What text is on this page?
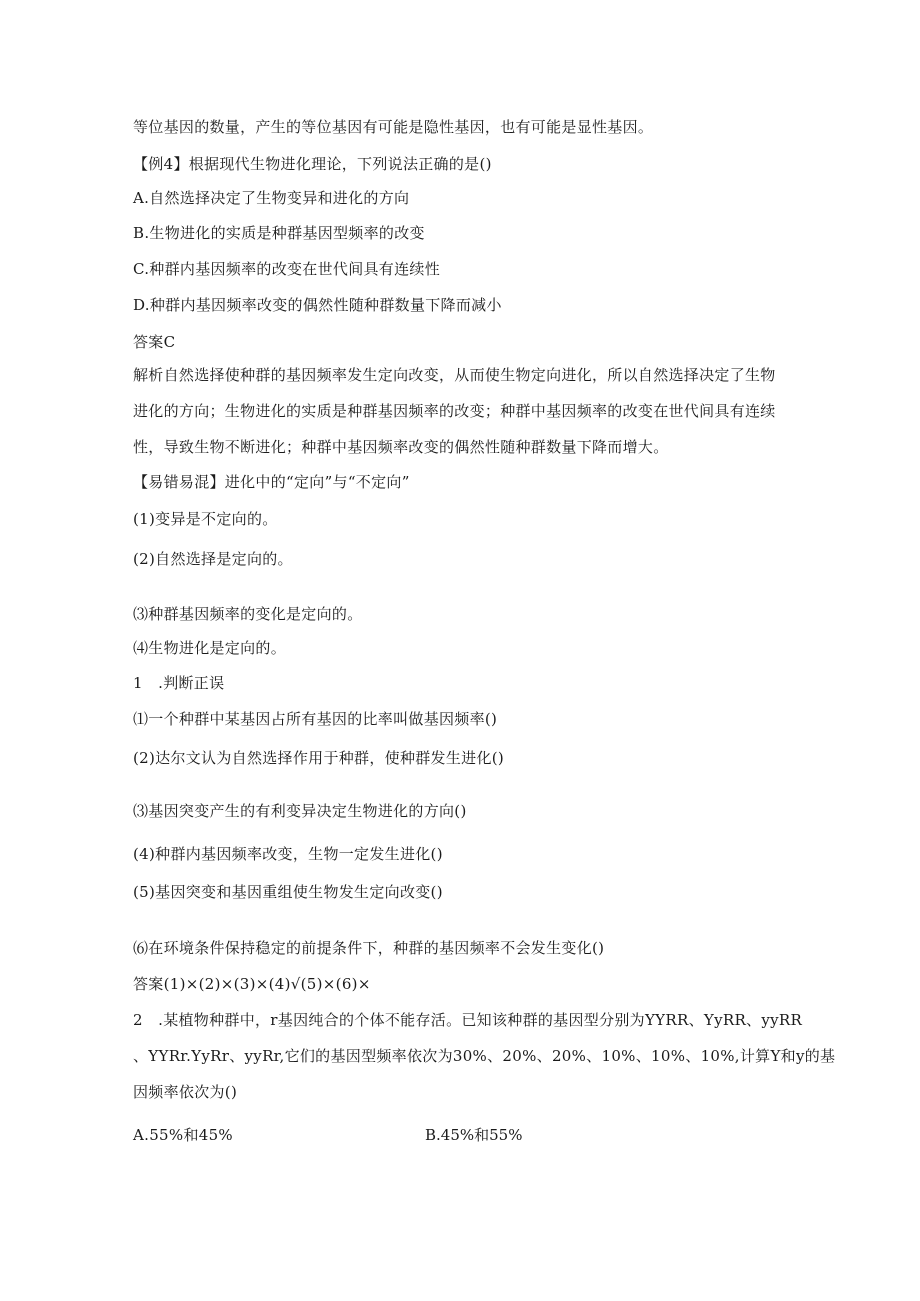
等位基因的数量，产生的等位基因有可能是隐性基因，也有可能是显性基因。
【例4】根据现代生物进化理论，下列说法正确的是()
A.自然选择决定了生物变异和进化的方向
B.生物进化的实质是种群基因型频率的改变
C.种群内基因频率的改变在世代间具有连续性
D.种群内基因频率改变的偶然性随种群数量下降而减小
答案C
解析自然选择使种群的基因频率发生定向改变，从而使生物定向进化，所以自然选择决定了生物
进化的方向；生物进化的实质是种群基因频率的改变；种群中基因频率的改变在世代间具有连续
性，导致生物不断进化；种群中基因频率改变的偶然性随种群数量下降而增大。
【易错易混】进化中的“定向”与“不定向”
(1)变异是不定向的。
(2)自然选择是定向的。
⑶种群基因频率的变化是定向的。
⑷生物进化是定向的。
1　.判断正误
⑴一个种群中某基因占所有基因的比率叫做基因频率()
(2)达尔文认为自然选择作用于种群，使种群发生进化()
⑶基因突变产生的有利变异决定生物进化的方向()
(4)种群内基因频率改变，生物一定发生进化()
(5)基因突变和基因重组使生物发生定向改变()
⑹在环境条件保持稳定的前提条件下，种群的基因频率不会发生变化()
答案(1)×(2)×(3)×(4)√(5)×(6)×
2　.某植物种群中，r基因纯合的个体不能存活。已知该种群的基因型分别为YYRR、YyRR、yyRR
、YYRr.YyRr、yyRr,它们的基因型频率依次为30%、20%、20%、10%、10%、10%,计算Y和y的基
因频率依次为()
A.55%和45%	B.45%和55%
